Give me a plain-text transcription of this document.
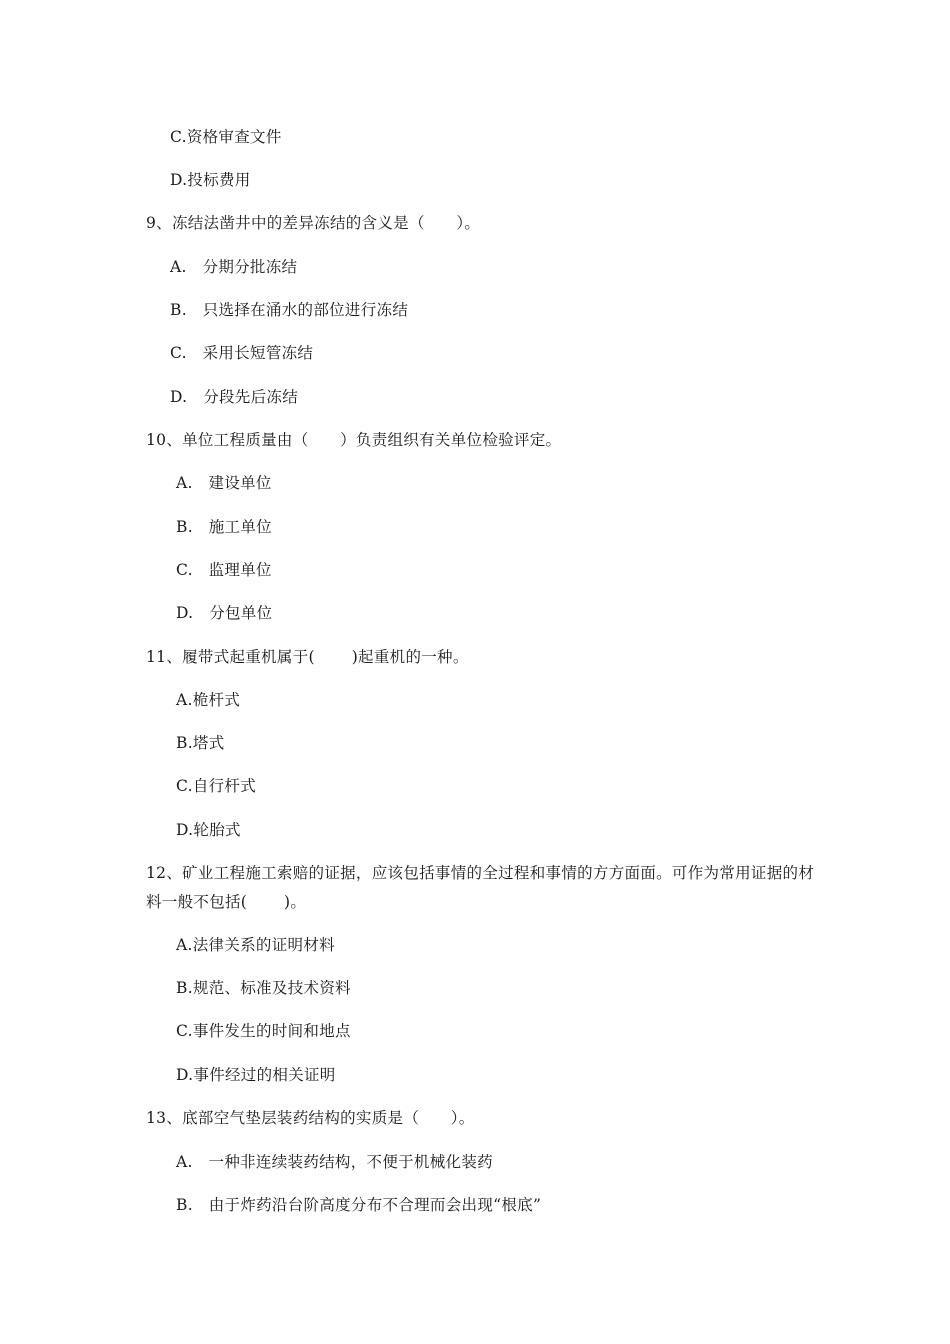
C.资格审查文件
D.投标费用
9、冻结法凿井中的差异冻结的含义是（　　）。
A.　分期分批冻结
B.　只选择在涌水的部位进行冻结
C.　采用长短管冻结
D.　分段先后冻结
10、单位工程质量由（　　）负责组织有关单位检验评定。
A.　建设单位
B.　施工单位
C.　监理单位
D.　分包单位
11、履带式起重机属于(　　 )起重机的一种。
A.桅杆式
B.塔式
C.自行杆式
D.轮胎式
12、矿业工程施工索赔的证据，应该包括事情的全过程和事情的方方面面。可作为常用证据的材料一般不包括(　　 )。
A.法律关系的证明材料
B.规范、标准及技术资料
C.事件发生的时间和地点
D.事件经过的相关证明
13、底部空气垫层装药结构的实质是（　　）。
A.　一种非连续装药结构，不便于机械化装药
B.　由于炸药沿台阶高度分布不合理而会出现“根底”
